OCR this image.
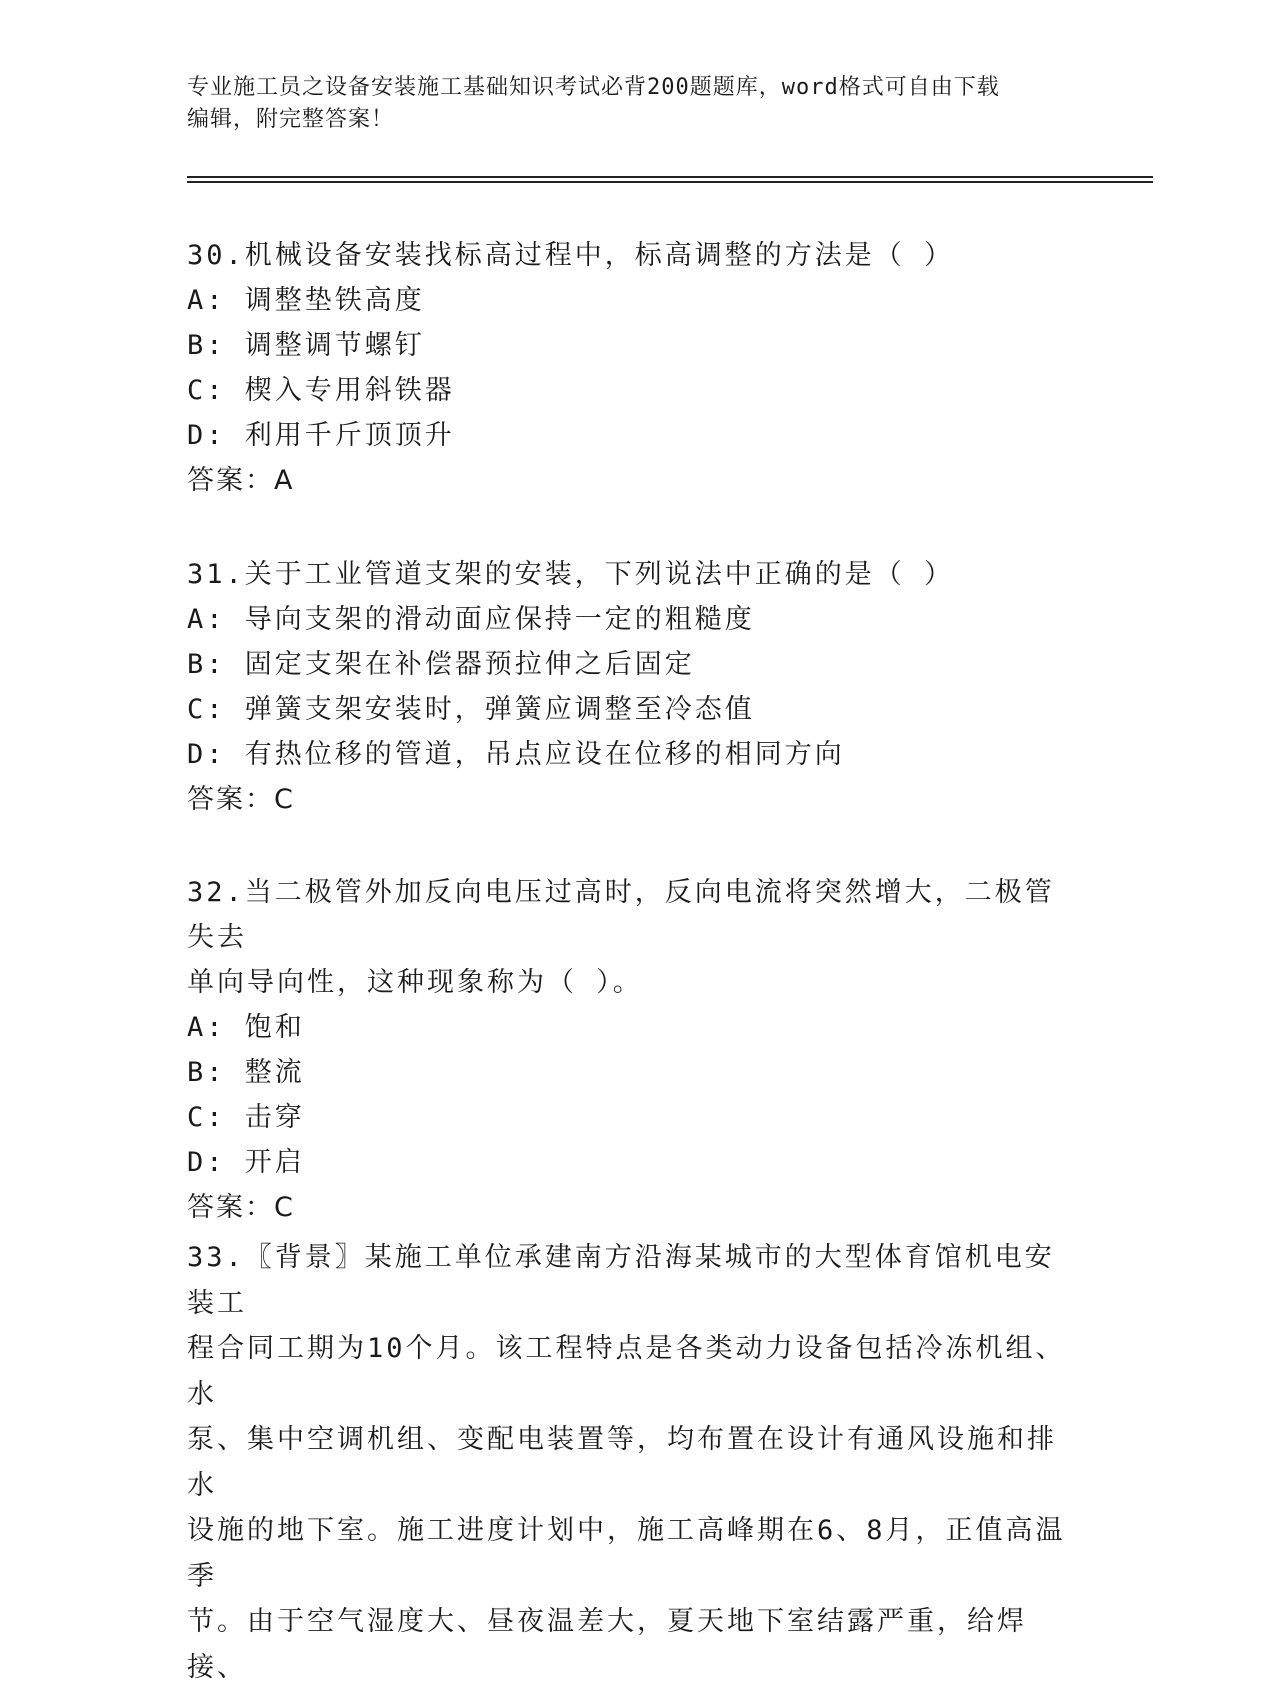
专业施工员之设备安装施工基础知识考试必背200题题库，word格式可自由下载
编辑，附完整答案！
30.机械设备安装找标高过程中，标高调整的方法是（ ）
A: 调整垫铁高度
B: 调整调节螺钉
C: 楔入专用斜铁器
D: 利用千斤顶顶升
答案：A
31.关于工业管道支架的安装，下列说法中正确的是（ ）
A: 导向支架的滑动面应保持一定的粗糙度
B: 固定支架在补偿器预拉伸之后固定
C: 弹簧支架安装时，弹簧应调整至冷态值
D: 有热位移的管道，吊点应设在位移的相同方向
答案：C
32.当二极管外加反向电压过高时，反向电流将突然增大，二极管失去
单向导向性，这种现象称为（ ）。
A: 饱和
B: 整流
C: 击穿
D: 开启
答案：C
33.〖背景〗某施工单位承建南方沿海某城市的大型体育馆机电安装工
程合同工期为10个月。该工程特点是各类动力设备包括冷冻机组、水
泵、集中空调机组、变配电装置等，均布置在设计有通风设施和排水
设施的地下室。施工进度计划中，施工高峰期在6、8月，正值高温季
节。由于空气湿度大、昼夜温差大，夏天地下室结露严重，给焊接、
